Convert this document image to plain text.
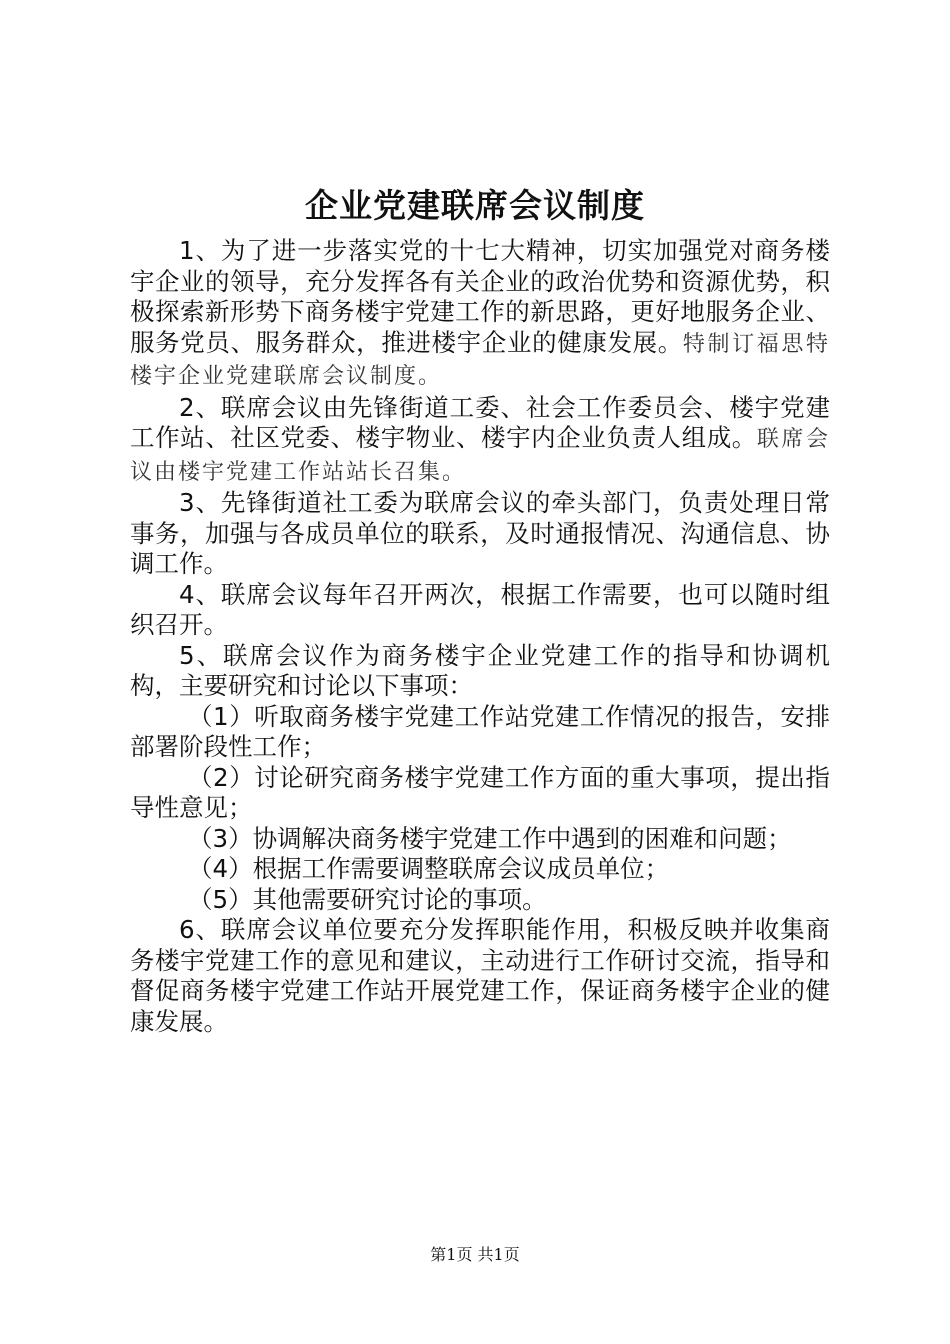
企业党建联席会议制度

1、为了进一步落实党的十七大精神，切实加强党对商务楼宇企业的领导，充分发挥各有关企业的政治优势和资源优势，积极探索新形势下商务楼宇党建工作的新思路，更好地服务企业、服务党员、服务群众，推进楼宇企业的健康发展。特制订福思特楼宇企业党建联席会议制度。

2、联席会议由先锋街道工委、社会工作委员会、楼宇党建工作站、社区党委、楼宇物业、楼宇内企业负责人组成。联席会议由楼宇党建工作站站长召集。

3、先锋街道社工委为联席会议的牵头部门，负责处理日常事务，加强与各成员单位的联系，及时通报情况、沟通信息、协调工作。

4、联席会议每年召开两次，根据工作需要，也可以随时组织召开。

5、联席会议作为商务楼宇企业党建工作的指导和协调机构，主要研究和讨论以下事项：

（1）听取商务楼宇党建工作站党建工作情况的报告，安排部署阶段性工作；

（2）讨论研究商务楼宇党建工作方面的重大事项，提出指导性意见；

（3）协调解决商务楼宇党建工作中遇到的困难和问题；

（4）根据工作需要调整联席会议成员单位；

（5）其他需要研究讨论的事项。

6、联席会议单位要充分发挥职能作用，积极反映并收集商务楼宇党建工作的意见和建议，主动进行工作研讨交流，指导和督促商务楼宇党建工作站开展党建工作，保证商务楼宇企业的健康发展。

第1页 共1页
